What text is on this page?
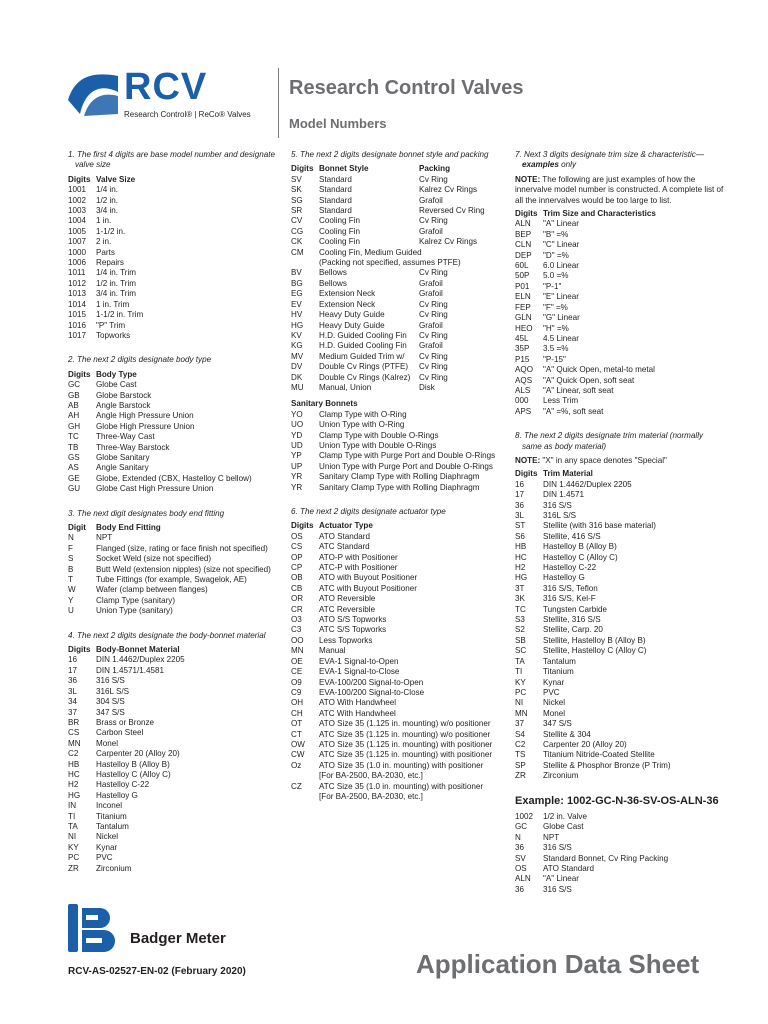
RCV
Research Control® | ReCo® Valves
Research Control Valves
Model Numbers

1. The first 4 digits are base model number and designate valve size

Digits Valve Size
1001	1/4 in.
1002	1/2 in.
1003	3/4 in.
1004	1 in.
1005	1-1/2 in.
1007	2 in.
1000	Parts
1006	Repairs
1011	1/4 in. Trim
1012	1/2 in. Trim
1013	3/4 in. Trim
1014	1 in. Trim
1015	1-1/2 in. Trim
1016	"P" Trim
1017	Topworks

2. The next 2 digits designate body type

Digits Body Type
GC	Globe Cast
GB	Globe Barstock
AB	Angle Barstock
AH	Angle High Pressure Union
GH	Globe High Pressure Union
TC	Three-Way Cast
TB	Three-Way Barstock
GS	Globe Sanitary
AS	Angle Sanitary
GE	Globe, Extended (CBX, Hastelloy C bellow)
GU	Globe Cast High Pressure Union

3. The next digit designates body end fitting

Digit	Body End Fitting
N	NPT
F	Flanged (size, rating or face finish not specified)
S	Socket Weld (size not specified)
B	Butt Weld (extension nipples) (size not specified)
T	Tube Fittings (for example, Swagelok, AE)
W	Wafer (clamp between flanges)
Y	Clamp Type (sanitary)
U	Union Type (sanitary)

4. The next 2 digits designate the body-bonnet material

Digits Body-Bonnet Material
16	DIN 1.4462/Duplex 2205
17	DIN 1.4571/1.4581
36	316 S/S
3L	316L S/S
34	304 S/S
37	347 S/S
BR	Brass or Bronze
CS	Carbon Steel
MN	Monel
C2	Carpenter 20 (Alloy 20)
HB	Hastelloy B (Alloy B)
HC	Hastelloy C (Alloy C)
H2	Hastelloy C-22
HG	Hastelloy G
IN	Inconel
TI	Titanium
TA	Tantalum
NI	Nickel
KY	Kynar
PC	PVC
ZR	Zirconium

5. The next 2 digits designate bonnet style and packing

Digits Bonnet Style	Packing
SV	Standard	Cv Ring
SK	Standard	Kalrez Cv Rings
SG	Standard	Grafoil
SR	Standard	Reversed Cv Ring
CV	Cooling Fin	Cv Ring
CG	Cooling Fin	Grafoil
CK	Cooling Fin	Kalrez Cv Rings
CM	Cooling Fin, Medium Guided
(Packing not specified, assumes PTFE)
BV	Bellows	Cv Ring
BG	Bellows	Grafoil
EG	Extension Neck	Grafoil
EV	Extension Neck	Cv Ring
HV	Heavy Duty Guide	Cv Ring
HG	Heavy Duty Guide	Grafoil
KV	H.D. Guided Cooling Fin	Cv Ring
KG	H.D. Guided Cooling Fin	Grafoil
MV	Medium Guided Trim w/	Cv Ring
DV	Double Cv Rings (PTFE)	Cv Ring
DK	Double Cv Rings (Kalrez)	Cv Ring
MU	Manual, Union	Disk
Sanitary Bonnets
YO	Clamp Type with O-Ring
UO	Union Type with O-Ring
YD	Clamp Type with Double O-Rings
UD	Union Type with Double O-Rings
YP	Clamp Type with Purge Port and Double O-Rings
UP	Union Type with Purge Port and Double O-Rings
YR	Sanitary Clamp Type with Rolling Diaphragm
YR	Sanitary Clamp Type with Rolling Diaphragm

6. The next 2 digits designate actuator type

Digits Actuator Type
OS	ATO Standard
CS	ATC Standard
OP	ATO-P with Positioner
CP	ATC-P with Positioner
OB	ATO with Buyout Positioner
CB	ATC with Buyout Positioner
OR	ATO Reversible
CR	ATC Reversible
O3	ATO S/S Topworks
C3	ATC S/S Topworks
OO	Less Topworks
MN	Manual
OE	EVA-1 Signal-to-Open
CE	EVA-1 Signal-to-Close
O9	EVA-100/200 Signal-to-Open
C9	EVA-100/200 Signal-to-Close
OH	ATO With Handwheel
CH	ATC With Handwheel
OT	ATO Size 35 (1.125 in. mounting) w/o positioner
CT	ATC Size 35 (1.125 in. mounting) w/o positioner
OW	ATO Size 35 (1.125 in. mounting) with positioner
CW	ATC Size 35 (1.125 in. mounting) with positioner
Oz	ATO Size 35 (1.0 in. mounting) with positioner
[For BA-2500, BA-2030, etc.]
CZ	ATC Size 35 (1.0 in. mounting) with positioner
[For BA-2500, BA-2030, etc.]

7. Next 3 digits designate trim size & characteristic—
examples only

NOTE: The following are just examples of how the innervalve model number is constructed. A complete list of all the innervalves would be too large to list.

Digits Trim Size and Characteristics
ALN	"A" Linear
BEP	"B" =%
CLN	"C" Linear
DEP	"D" =%
60L	6.0 Linear
50P	5.0 =%
P01	"P-1"
ELN	"E" Linear
FEP	"F" =%
GLN	"G" Linear
HEO	"H" =%
45L	4.5 Linear
35P	3.5 =%
P15	"P-15"
AQO	"A" Quick Open, metal-to metal
AQS	"A" Quick Open, soft seat
ALS	"A" Linear, soft seat
000	Less Trim
APS	"A" =%, soft seat

8. The next 2 digits designate trim material (normally same as body material)

NOTE: "X" in any space denotes "Special"

Digits Trim Material
16	DIN 1.4462/Duplex 2205
17	DIN 1.4571
36	316 S/S
3L	316L S/S
ST	Stellite (with 316 base material)
S6	Stellite, 416 S/S
HB	Hastelloy B (Alloy B)
HC	Hastelloy C (Alloy C)
H2	Hastelloy C-22
HG	Hastelloy G
3T	316 S/S, Teflon
3K	316 S/S, Kel-F
TC	Tungsten Carbide
S3	Stellite, 316 S/S
S2	Stellite, Carp. 20
SB	Stellite, Hastelloy B (Alloy B)
SC	Stellite, Hastelloy C (Alloy C)
TA	Tantalum
TI	Titanium
KY	Kynar
PC	PVC
NI	Nickel
MN	Monel
37	347 S/S
S4	Stellite & 304
C2	Carpenter 20 (Alloy 20)
TS	Titanium Nitride-Coated Stellite
SP	Stellite & Phosphor Bronze (P Trim)
ZR	Zirconium
Example: 1002-GC-N-36-SV-OS-ALN-36
1002	1/2 in. Valve
GC	Globe Cast
N	NPT
36	316 S/S
SV	Standard Bonnet, Cv Ring Packing
OS	ATO Standard
ALN	"A" Linear
36	316 S/S
Badger Meter
RCV-AS-02527-EN-02 (February 2020)	Application Data Sheet
